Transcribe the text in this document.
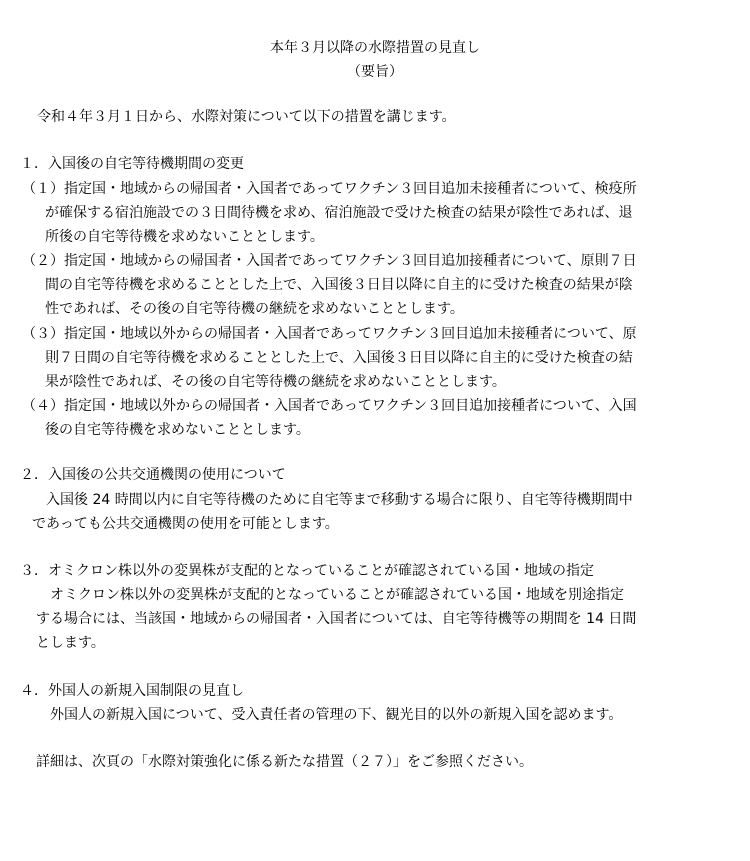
本年３月以降の水際措置の見直し
（要旨）
令和４年３月１日から、水際対策について以下の措置を講じます。
１．入国後の自宅等待機期間の変更
（１）指定国・地域からの帰国者・入国者であってワクチン３回目追加未接種者について、検疫所
が確保する宿泊施設での３日間待機を求め、宿泊施設で受けた検査の結果が陰性であれば、退
所後の自宅等待機を求めないこととします。
（２）指定国・地域からの帰国者・入国者であってワクチン３回目追加接種者について、原則７日
間の自宅等待機を求めることとした上で、入国後３日目以降に自主的に受けた検査の結果が陰
性であれば、その後の自宅等待機の継続を求めないこととします。
（３）指定国・地域以外からの帰国者・入国者であってワクチン３回目追加未接種者について、原
則７日間の自宅等待機を求めることとした上で、入国後３日目以降に自主的に受けた検査の結
果が陰性であれば、その後の自宅等待機の継続を求めないこととします。
（４）指定国・地域以外からの帰国者・入国者であってワクチン３回目追加接種者について、入国
後の自宅等待機を求めないこととします。
２．入国後の公共交通機関の使用について
入国後 24 時間以内に自宅等待機のために自宅等まで移動する場合に限り、自宅等待機期間中
であっても公共交通機関の使用を可能とします。
３．オミクロン株以外の変異株が支配的となっていることが確認されている国・地域の指定
オミクロン株以外の変異株が支配的となっていることが確認されている国・地域を別途指定
する場合には、当該国・地域からの帰国者・入国者については、自宅等待機等の期間を 14 日間
とします。
４．外国人の新規入国制限の見直し
外国人の新規入国について、受入責任者の管理の下、観光目的以外の新規入国を認めます。
詳細は、次頁の「水際対策強化に係る新たな措置（２７）」をご参照ください。
